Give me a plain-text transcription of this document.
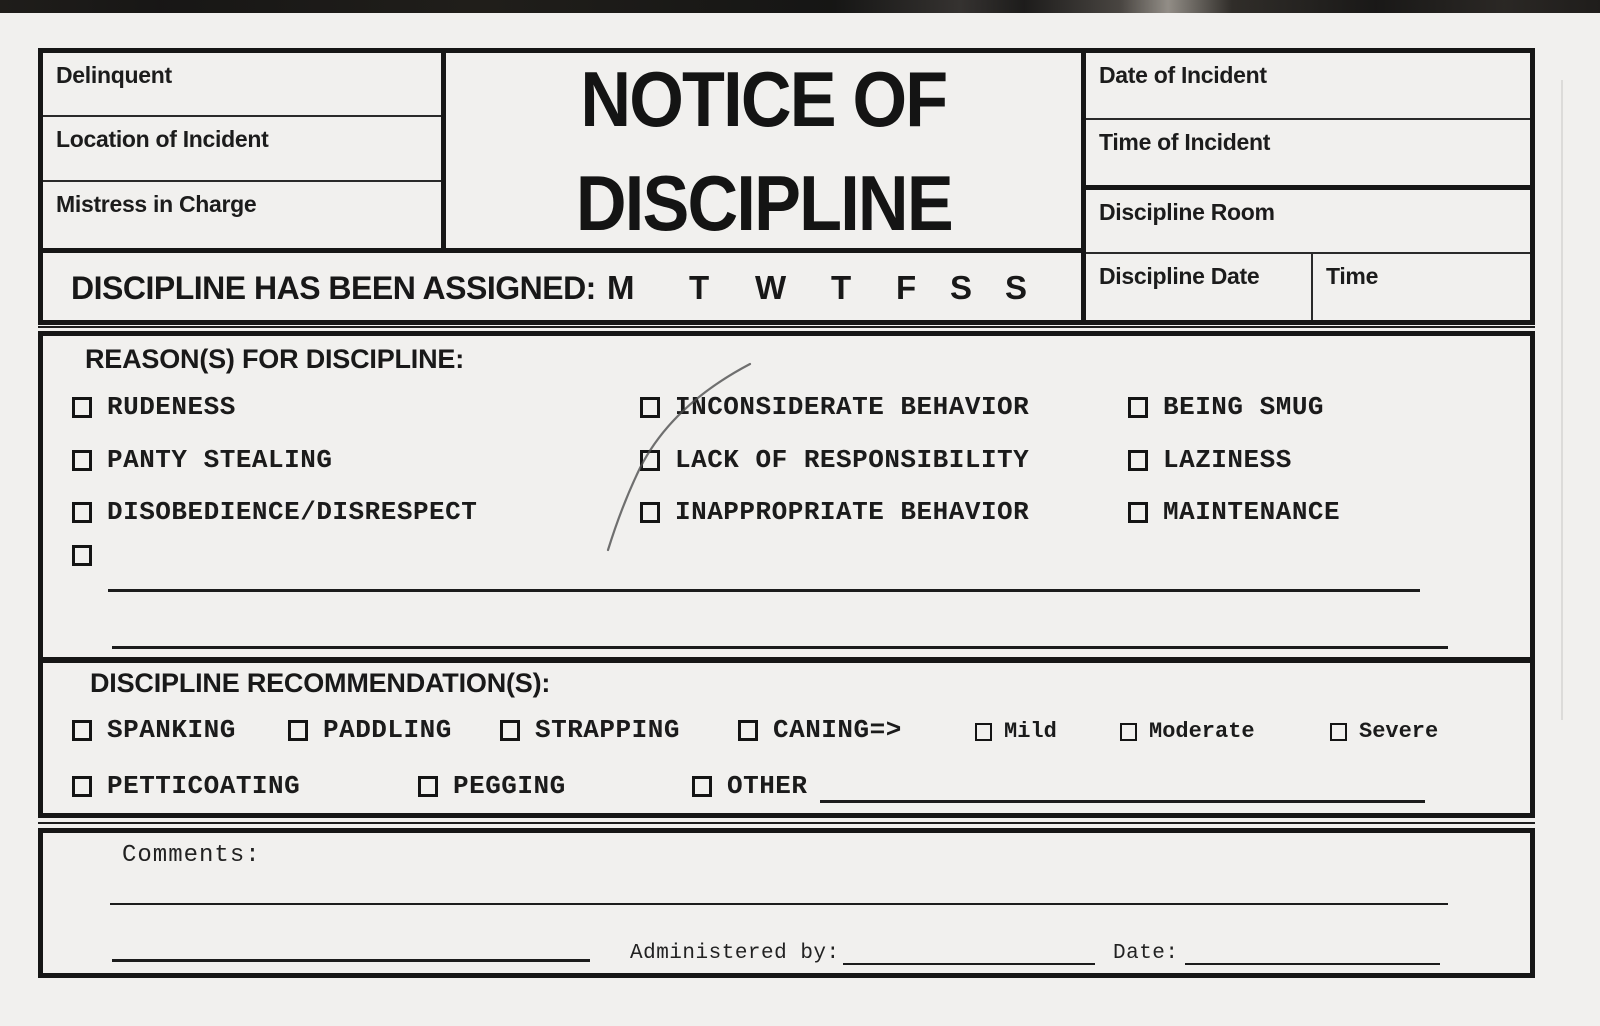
Delinquent
Location of Incident
Mistress in Charge
NOTICE OF
DISCIPLINE
Date of Incident
Time of Incident
Discipline Room
Discipline Date	Time
DISCIPLINE HAS BEEN ASSIGNED: M T W T F S S
REASON(S) FOR DISCIPLINE:
RUDENESS
PANTY STEALING
DISOBEDIENCE/DISRESPECT
INCONSIDERATE BEHAVIOR
LACK OF RESPONSIBILITY
INAPPROPRIATE BEHAVIOR
BEING SMUG
LAZINESS
MAINTENANCE
DISCIPLINE RECOMMENDATION(S):
SPANKING	PADDLING	STRAPPING	CANING=>	Mild	Moderate	Severe
PETTICOATING	PEGGING	OTHER
Comments:
Administered by:	Date:
